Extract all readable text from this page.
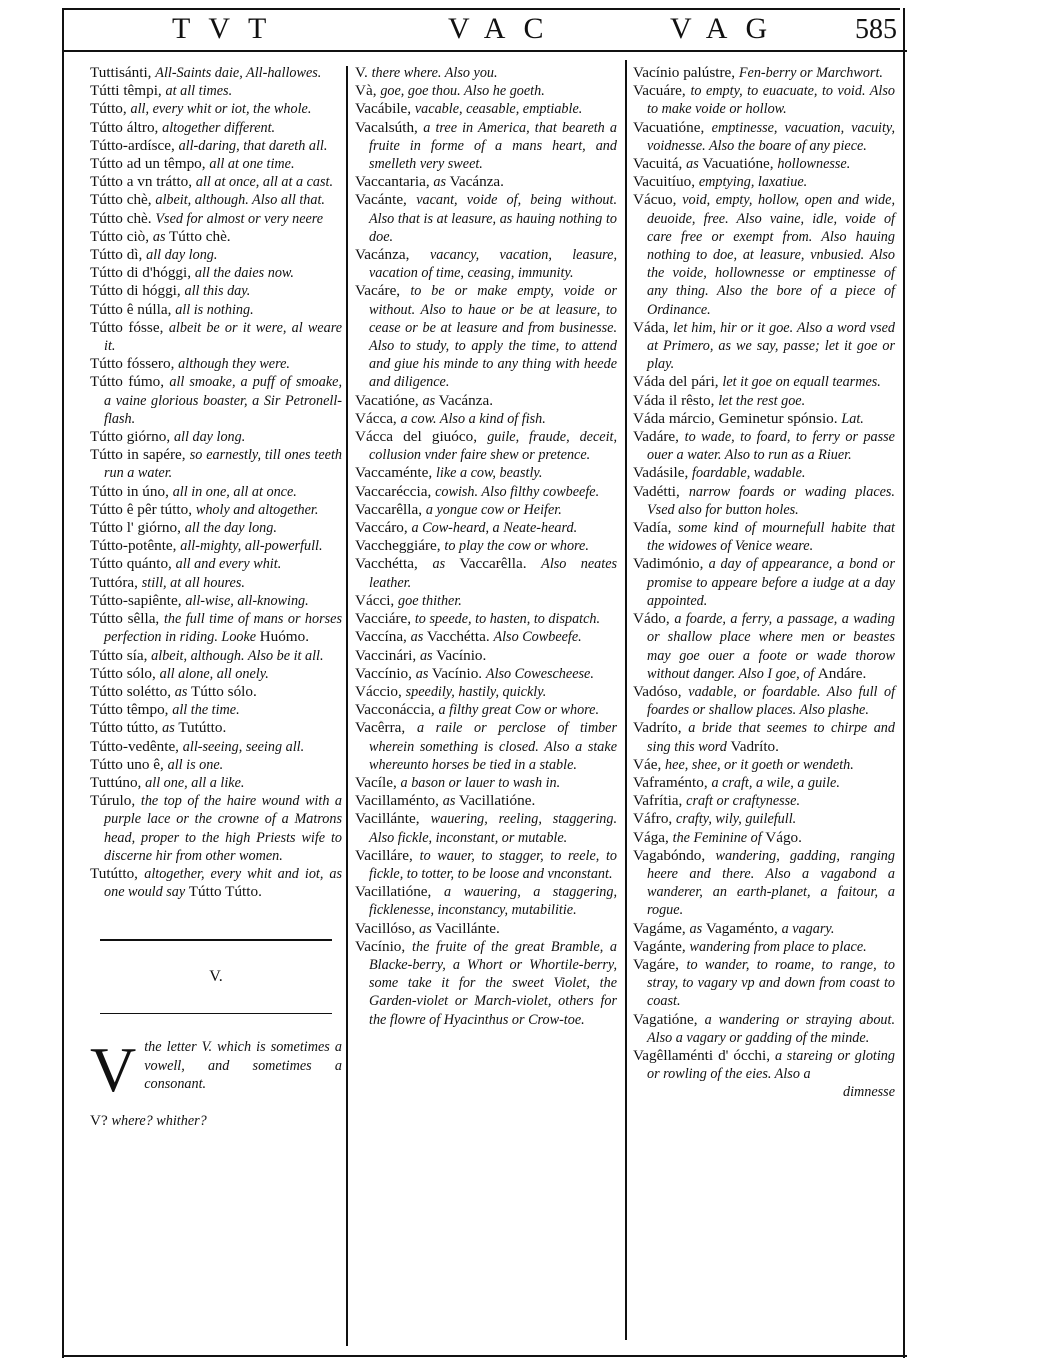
TVT	VAC	VAG	585

Tuttisánti, All-Saints daie, All-hallowes.

Tútti têmpi, at all times.

Tútto, all, every whit or iot, the whole.

Tútto áltro, altogether different.

Tútto-ardísce, all-daring, that dareth all.

Tútto ad un têmpo, all at one time.

Tútto a vn trátto, all at once, all at a cast.

Tútto chè, albeit, although. Also all that.

Tútto chè. Vsed for almost or very neere

Tútto ciò, as Tútto chè.

Tútto dì, all day long.

Tútto di d'hóggi, all the daies now.

Tútto di hóggi, all this day.

Tútto ê núlla, all is nothing.

Tútto fósse, albeit be or it were, al weare it.

Tútto fóssero, although they were.

Tútto fúmo, all smoake, a puff of smoake, a vaine glorious boaster, a Sir Petronell-flash.

Tútto giórno, all day long.

Tútto in sapére, so earnestly, till ones teeth run a water.

Tútto in úno, all in one, all at once.

Tútto ê pêr tútto, wholy and altogether.

Tútto l' giórno, all the day long.

Tútto-potênte, all-mighty, all-powerfull.

Tútto quánto, all and every whit.

Tuttóra, still, at all houres.

Tútto-sapiênte, all-wise, all-knowing.

Tútto sêlla, the full time of mans or horses perfection in riding. Looke Huómo.

Tútto sía, albeit, although. Also be it all.

Tútto sólo, all alone, all onely.

Tútto solétto, as Tútto sólo.

Tútto têmpo, all the time.

Tútto tútto, as Tutútto.

Tútto-vedênte, all-seeing, seeing all.

Tútto uno ê, all is one.

Tuttúno, all one, all a like.

Túrulo, the top of the haire wound with a purple lace or the crowne of a Matrons head, proper to the high Priests wife to discerne hir from other women.

Tutútto, altogether, every whit and iot, as one would say Tútto Tútto.

V.
V the letter V. which is sometimes a vowell, and sometimes a consonant.

V? where? whither?

V. there where. Also you.

Và, goe, goe thou. Also he goeth.

Vacábile, vacable, ceasable, emptiable.

Vacalsúth, a tree in America, that beareth a fruite in forme of a mans heart, and smelleth very sweet.

Vaccantaria, as Vacánza.

Vacánte, vacant, voide of, being without. Also that is at leasure, as hauing nothing to doe.

Vacánza, vacancy, vacation, leasure, vacation of time, ceasing, immunity.

Vacáre, to be or make empty, voide or without. Also to haue or be at leasure, to cease or be at leasure and from businesse. Also to study, to apply the time, to attend and giue his minde to any thing with heede and diligence.

Vacatióne, as Vacánza.

Vácca, a cow. Also a kind of fish.

Vácca del giuóco, guile, fraude, deceit, collusion vnder faire shew or pretence.

Vaccaménte, like a cow, beastly.

Vaccaréccia, cowish. Also filthy cowbeefe.

Vaccarêlla, a yongue cow or Heifer.

Vaccáro, a Cow-heard, a Neate-heard.

Vaccheggiáre, to play the cow or whore.

Vacchétta, as Vaccarêlla. Also neates leather.

Vácci, goe thither.

Vacciáre, to speede, to hasten, to dispatch.

Vaccína, as Vacchétta. Also Cowbeefe.

Vaccinári, as Vacínio.

Vaccínio, as Vacínio. Also Cowescheese.

Váccio, speedily, hastily, quickly.

Vacconáccia, a filthy great Cow or whore.

Vacêrra, a raile or perclose of timber wherein something is closed. Also a stake whereunto horses be tied in a stable.

Vacíle, a bason or lauer to wash in.

Vacillaménto, as Vacillatióne.

Vacillánte, wauering, reeling, staggering. Also fickle, inconstant, or mutable.

Vacilláre, to wauer, to stagger, to reele, to fickle, to totter, to be loose and vnconstant.

Vacillatióne, a wauering, a staggering, ficklenesse, inconstancy, mutabilitie.

Vacillóso, as Vacillánte.

Vacínio, the fruite of the great Bramble, a Blacke-berry, a Whort or Whortile-berry, some take it for the sweet Violet, the Garden-violet or March-violet, others for the flowre of Hyacinthus or Crow-toe.

Vacínio palústre, Fen-berry or Marchwort.

Vacuáre, to empty, to euacuate, to void. Also to make voide or hollow.

Vacuatióne, emptinesse, vacuation, vacuity, voidnesse. Also the boare of any piece.

Vacuitá, as Vacuatióne, hollownesse.

Vacuitíuo, emptying, laxatiue.

Vácuo, void, empty, hollow, open and wide, deuoide, free. Also vaine, idle, voide of care free or exempt from. Also hauing nothing to doe, at leasure, vnbusied. Also the voide, hollownesse or emptinesse of any thing. Also the bore of a piece of Ordinance.

Váda, let him, hir or it goe. Also a word vsed at Primero, as we say, passe; let it goe or play.

Váda del pári, let it goe on equall tearmes.

Váda il rêsto, let the rest goe.

Váda márcio, Geminetur spónsio. Lat.

Vadáre, to wade, to foard, to ferry or passe ouer a water. Also to run as a Riuer.

Vadásile, foardable, wadable.

Vadétti, narrow foards or wading places. Vsed also for button holes.

Vadía, some kind of mournefull habite that the widowes of Venice weare.

Vadimónio, a day of appearance, a bond or promise to appeare before a iudge at a day appointed.

Vádo, a foarde, a ferry, a passage, a wading or shallow place where men or beastes may goe ouer a foote or wade thorow without danger. Also I goe, of Andáre.

Vadóso, vadable, or foardable. Also full of foardes or shallow places. Also plashe.

Vadríto, a bride that seemes to chirpe and sing this word Vadríto.

Váe, hee, shee, or it goeth or wendeth.

Vaframénto, a craft, a wile, a guile.

Vafrítia, craft or craftynesse.

Váfro, crafty, wily, guilefull.

Vága, the Feminine of Vágo.

Vagabóndo, wandering, gadding, ranging heere and there. Also a vagabond a wanderer, an earth-planet, a faitour, a rogue.

Vagáme, as Vagaménto, a vagary.

Vagánte, wandering from place to place.

Vagáre, to wander, to roame, to range, to stray, to vagary vp and down from coast to coast.

Vagatióne, a wandering or straying about. Also a vagary or gadding of the minde.

Vagêllaménti d' ócchi, a stareing or gloting or rowling of the eies. Also a

dimnesse
